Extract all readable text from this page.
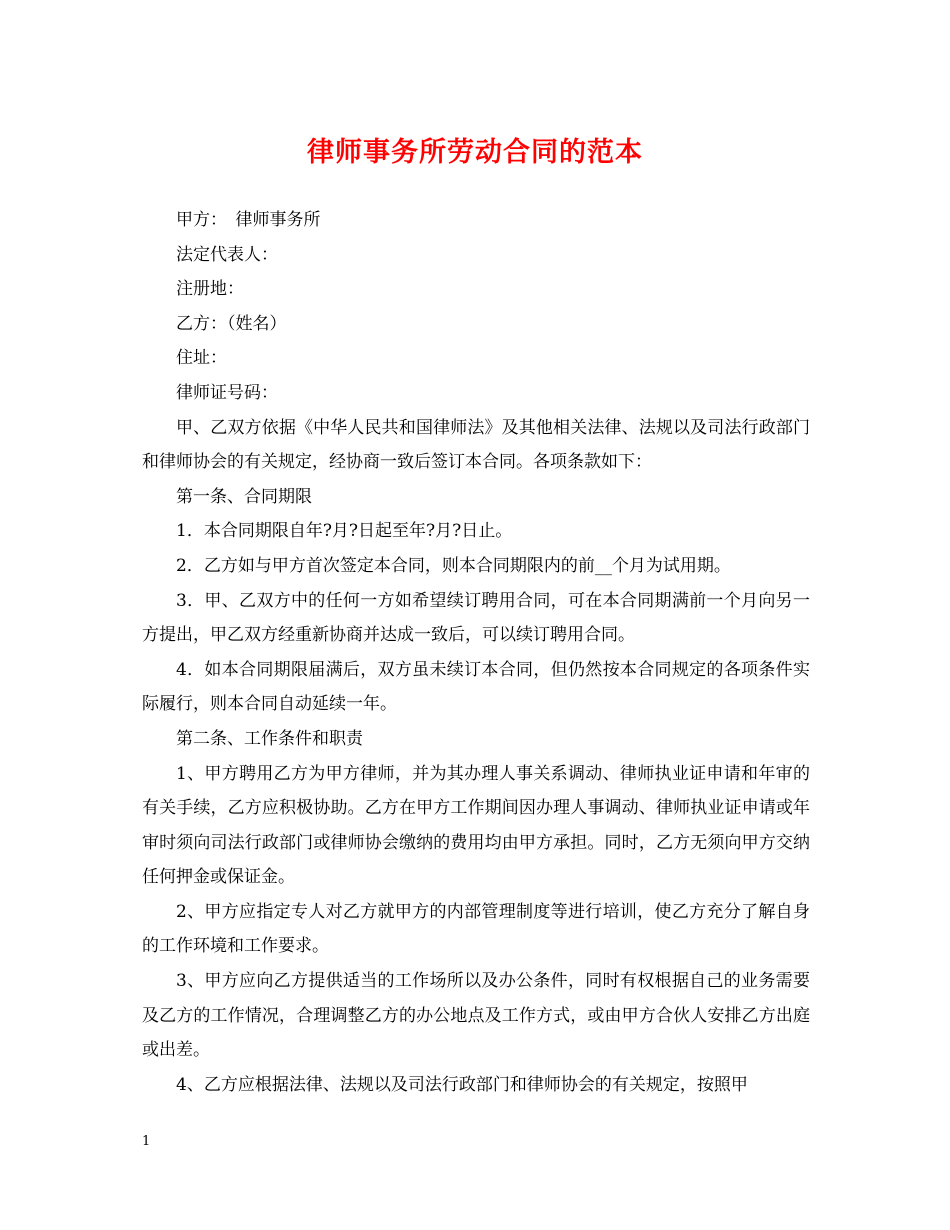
律师事务所劳动合同的范本

甲方：　律师事务所

法定代表人：

注册地：

乙方：（姓名）

住址：

律师证号码：

甲、乙双方依据《中华人民共和国律师法》及其他相关法律、法规以及司法行政部门和律师协会的有关规定，经协商一致后签订本合同。各项条款如下：

第一条、合同期限

1．本合同期限自年?月?日起至年?月?日止。

2．乙方如与甲方首次签定本合同，则本合同期限内的前__个月为试用期。

3．甲、乙双方中的任何一方如希望续订聘用合同，可在本合同期满前一个月向另一方提出，甲乙双方经重新协商并达成一致后，可以续订聘用合同。

4．如本合同期限届满后，双方虽未续订本合同，但仍然按本合同规定的各项条件实际履行，则本合同自动延续一年。

第二条、工作条件和职责

1、甲方聘用乙方为甲方律师，并为其办理人事关系调动、律师执业证申请和年审的有关手续，乙方应积极协助。乙方在甲方工作期间因办理人事调动、律师执业证申请或年审时须向司法行政部门或律师协会缴纳的费用均由甲方承担。同时，乙方无须向甲方交纳任何押金或保证金。

2、甲方应指定专人对乙方就甲方的内部管理制度等进行培训，使乙方充分了解自身的工作环境和工作要求。

3、甲方应向乙方提供适当的工作场所以及办公条件，同时有权根据自己的业务需要及乙方的工作情况，合理调整乙方的办公地点及工作方式，或由甲方合伙人安排乙方出庭或出差。

4、乙方应根据法律、法规以及司法行政部门和律师协会的有关规定，按照甲

1
